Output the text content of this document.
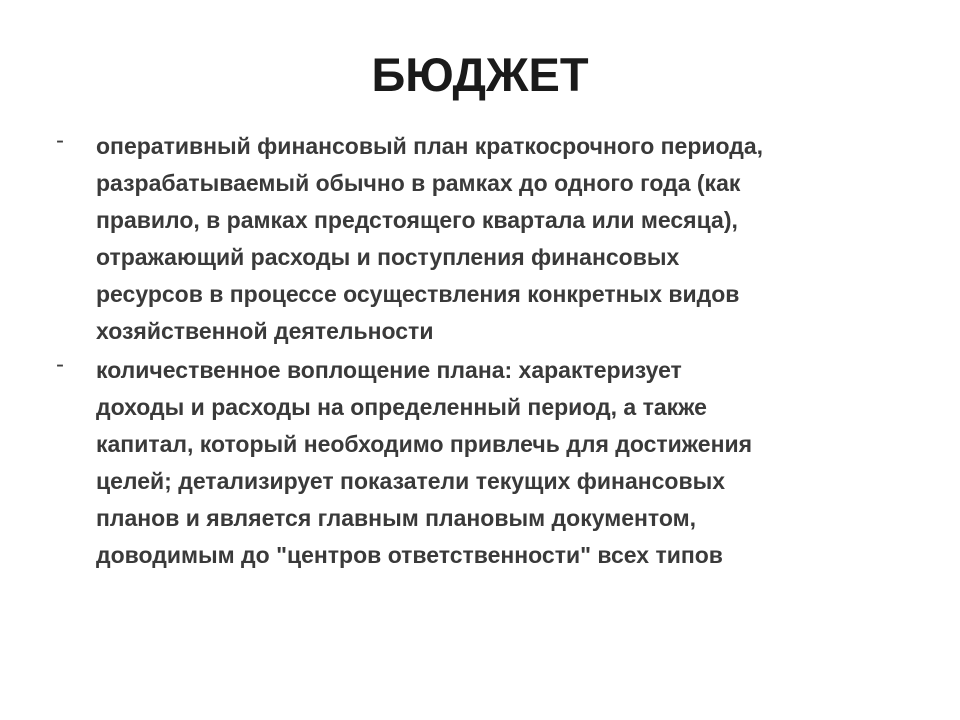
БЮДЖЕТ
-	оперативный финансовый план краткосрочного периода,
разрабатываемый обычно в рамках до одного года (как
правило, в рамках предстоящего квартала или месяца),
отражающий расходы и поступления финансовых
ресурсов в процессе осуществления конкретных видов
хозяйственной деятельности
-	количественное воплощение плана: характеризует
доходы и расходы на определенный период, а также
капитал, который необходимо привлечь для достижения
целей; детализирует показатели текущих финансовых
планов и является главным плановым документом,
доводимым до "центров ответственности" всех типов
